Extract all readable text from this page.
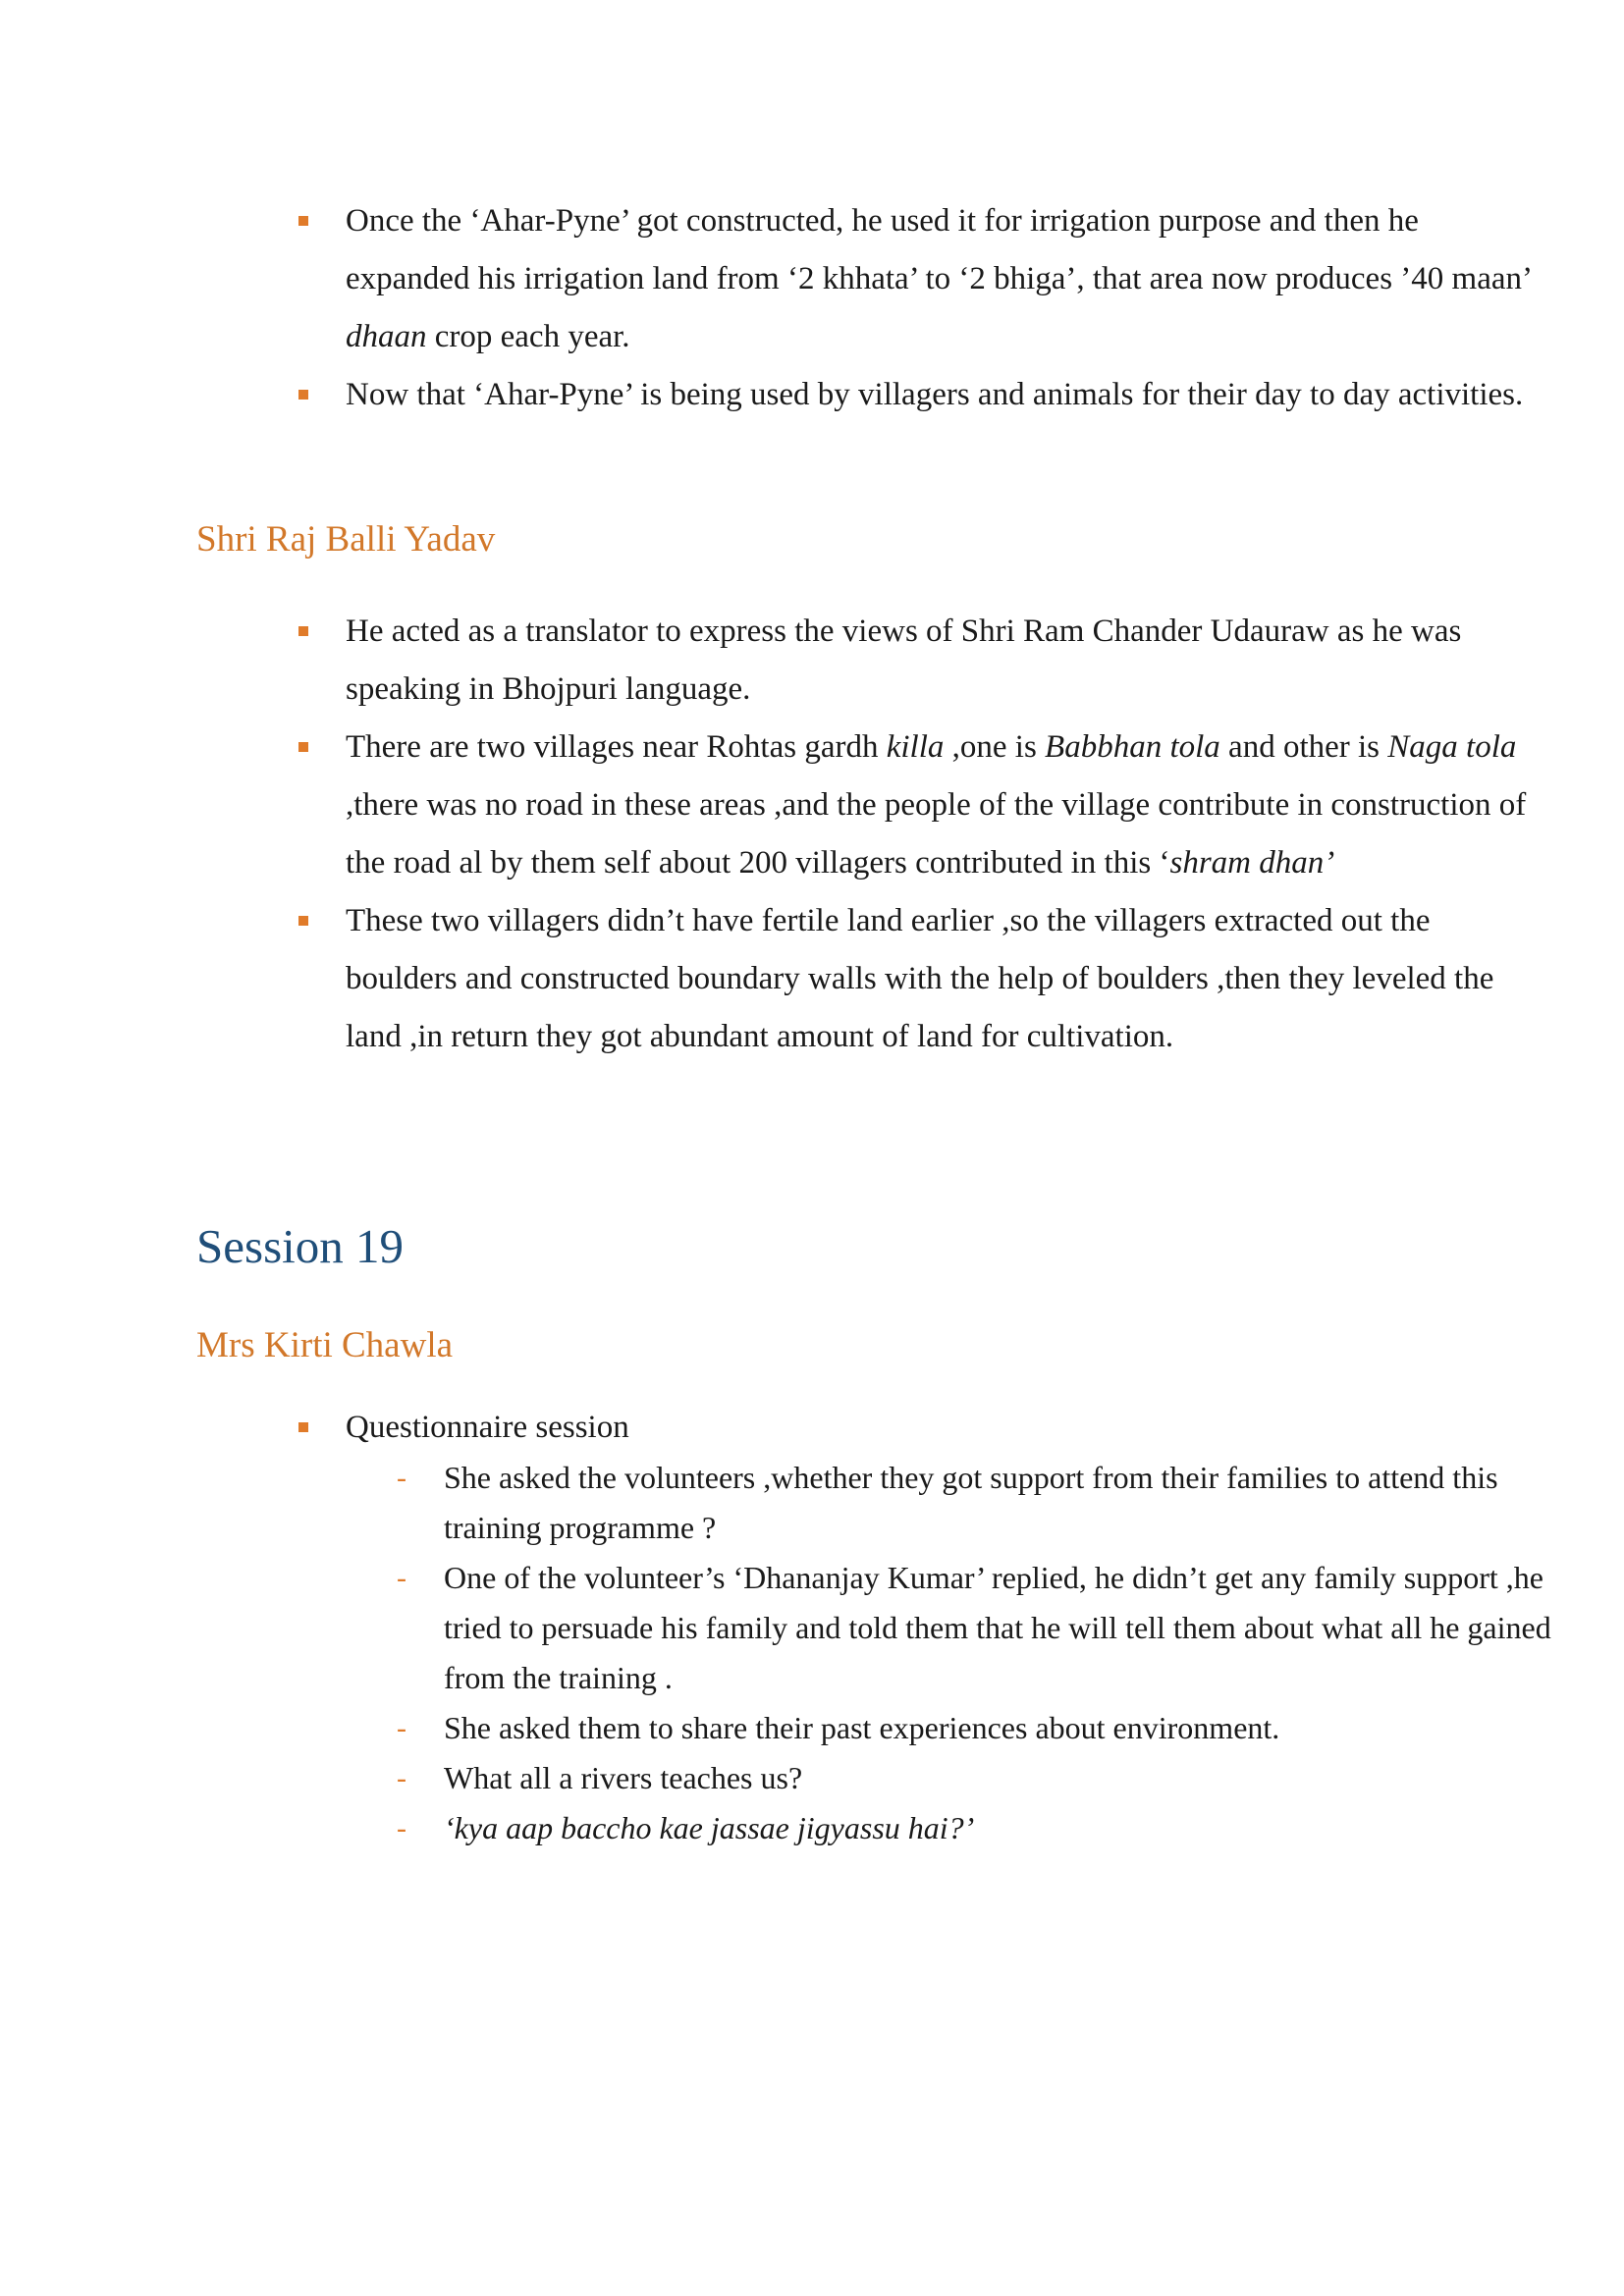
Once the ‘Ahar-Pyne’ got constructed, he used it for irrigation purpose and then he expanded his irrigation land from ‘2 khhata’ to ‘2 bhiga’, that area now produces ’40 maan’ dhaan crop each year.
Now that ‘Ahar-Pyne’ is being used by villagers and animals for their day to day activities.
Shri Raj Balli Yadav
He acted as a translator to express the views of Shri Ram Chander Udauraw as he was speaking in Bhojpuri language.
There are two villages near Rohtas gardh killa ,one is Babbhan tola and other is Naga tola ,there was no road in these areas ,and the people of the village contribute in construction of the road al by them self about 200 villagers contributed in this ‘shram dhan’
These two villagers didn’t have fertile land earlier ,so the villagers extracted out the boulders and constructed boundary walls with the help of boulders ,then they leveled the land ,in return they got abundant amount of land for cultivation.
Session 19
Mrs Kirti Chawla
Questionnaire session
- She asked the volunteers ,whether they got support from their families to attend this training programme ?
- One of the volunteer’s ‘Dhananjay Kumar’ replied, he didn’t get any family support ,he tried to persuade his family and told them that he will tell them about what all he gained from the training .
- She asked them to share their past experiences about environment.
- What all a rivers teaches us?
- ‘kya aap baccho kae jassae jigyassu hai?’
